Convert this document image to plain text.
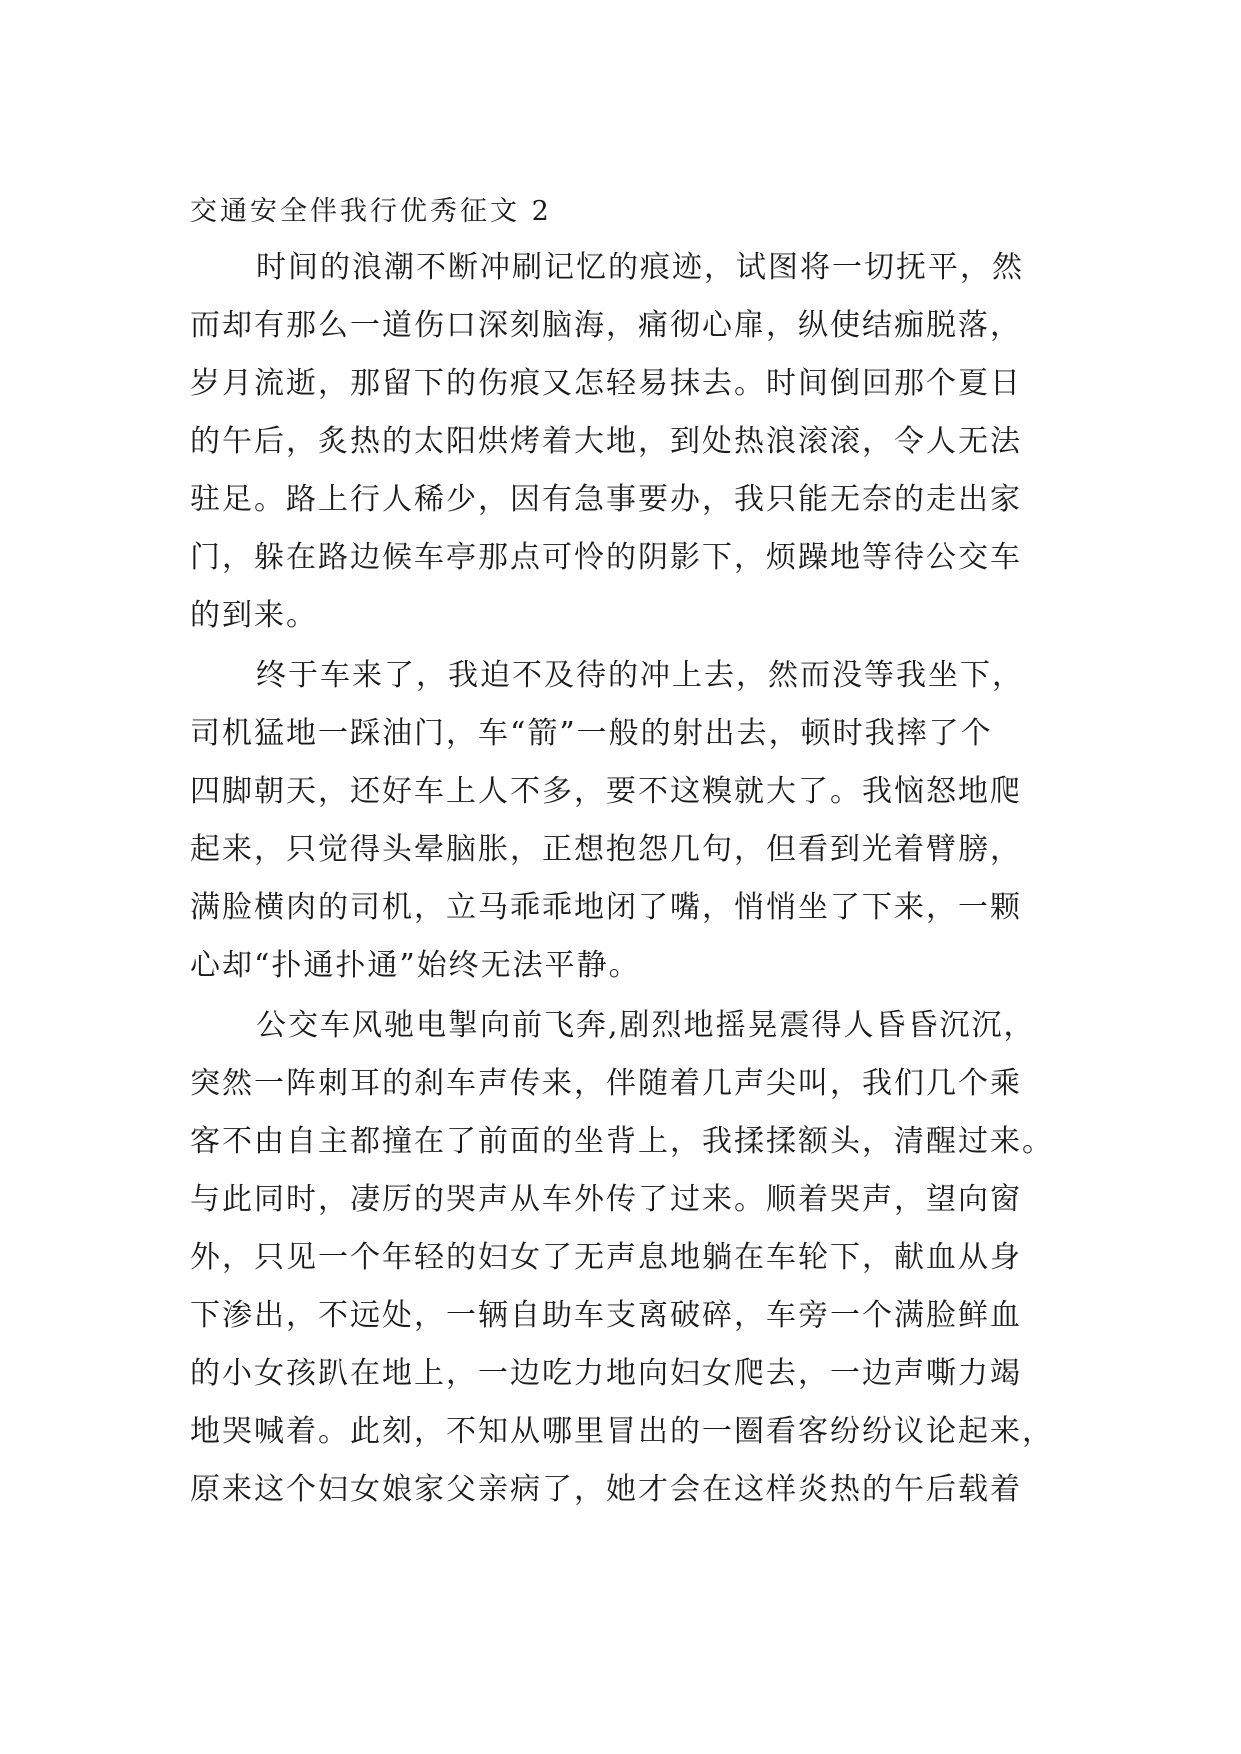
交通安全伴我行优秀征文 2
时间的浪潮不断冲刷记忆的痕迹，试图将一切抚平，然
而却有那么一道伤口深刻脑海，痛彻心扉，纵使结痂脱落，
岁月流逝，那留下的伤痕又怎轻易抹去。时间倒回那个夏日
的午后，炙热的太阳烘烤着大地，到处热浪滚滚，令人无法
驻足。路上行人稀少，因有急事要办，我只能无奈的走出家
门，躲在路边候车亭那点可怜的阴影下，烦躁地等待公交车
的到来。
终于车来了，我迫不及待的冲上去，然而没等我坐下，
司机猛地一踩油门，车“箭”一般的射出去，顿时我摔了个
四脚朝天，还好车上人不多，要不这糗就大了。我恼怒地爬
起来，只觉得头晕脑胀，正想抱怨几句，但看到光着臂膀，
满脸横肉的司机，立马乖乖地闭了嘴，悄悄坐了下来，一颗
心却“扑通扑通”始终无法平静。
公交车风驰电掣向前飞奔,剧烈地摇晃震得人昏昏沉沉，
突然一阵刺耳的刹车声传来，伴随着几声尖叫，我们几个乘
客不由自主都撞在了前面的坐背上，我揉揉额头，清醒过来。
与此同时，凄厉的哭声从车外传了过来。顺着哭声，望向窗
外，只见一个年轻的妇女了无声息地躺在车轮下，献血从身
下渗出，不远处，一辆自助车支离破碎，车旁一个满脸鲜血
的小女孩趴在地上，一边吃力地向妇女爬去，一边声嘶力竭
地哭喊着。此刻，不知从哪里冒出的一圈看客纷纷议论起来，
原来这个妇女娘家父亲病了，她才会在这样炎热的午后载着
